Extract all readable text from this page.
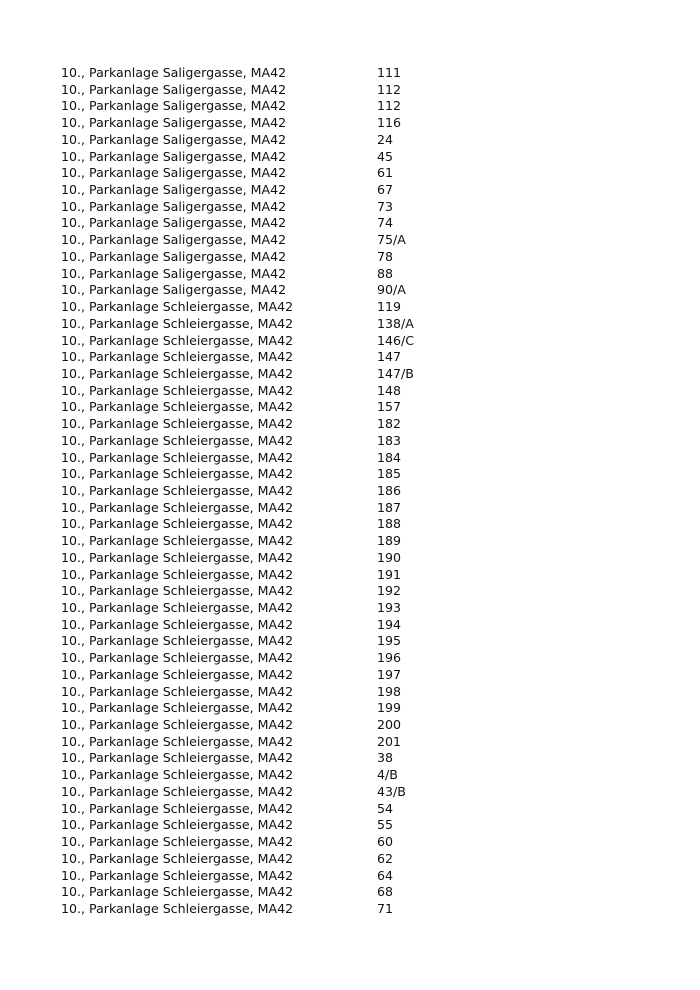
10., Parkanlage Saligergasse, MA42	111
10., Parkanlage Saligergasse, MA42	112
10., Parkanlage Saligergasse, MA42	112
10., Parkanlage Saligergasse, MA42	116
10., Parkanlage Saligergasse, MA42	24
10., Parkanlage Saligergasse, MA42	45
10., Parkanlage Saligergasse, MA42	61
10., Parkanlage Saligergasse, MA42	67
10., Parkanlage Saligergasse, MA42	73
10., Parkanlage Saligergasse, MA42	74
10., Parkanlage Saligergasse, MA42	75/A
10., Parkanlage Saligergasse, MA42	78
10., Parkanlage Saligergasse, MA42	88
10., Parkanlage Saligergasse, MA42	90/A
10., Parkanlage Schleiergasse, MA42	119
10., Parkanlage Schleiergasse, MA42	138/A
10., Parkanlage Schleiergasse, MA42	146/C
10., Parkanlage Schleiergasse, MA42	147
10., Parkanlage Schleiergasse, MA42	147/B
10., Parkanlage Schleiergasse, MA42	148
10., Parkanlage Schleiergasse, MA42	157
10., Parkanlage Schleiergasse, MA42	182
10., Parkanlage Schleiergasse, MA42	183
10., Parkanlage Schleiergasse, MA42	184
10., Parkanlage Schleiergasse, MA42	185
10., Parkanlage Schleiergasse, MA42	186
10., Parkanlage Schleiergasse, MA42	187
10., Parkanlage Schleiergasse, MA42	188
10., Parkanlage Schleiergasse, MA42	189
10., Parkanlage Schleiergasse, MA42	190
10., Parkanlage Schleiergasse, MA42	191
10., Parkanlage Schleiergasse, MA42	192
10., Parkanlage Schleiergasse, MA42	193
10., Parkanlage Schleiergasse, MA42	194
10., Parkanlage Schleiergasse, MA42	195
10., Parkanlage Schleiergasse, MA42	196
10., Parkanlage Schleiergasse, MA42	197
10., Parkanlage Schleiergasse, MA42	198
10., Parkanlage Schleiergasse, MA42	199
10., Parkanlage Schleiergasse, MA42	200
10., Parkanlage Schleiergasse, MA42	201
10., Parkanlage Schleiergasse, MA42	38
10., Parkanlage Schleiergasse, MA42	4/B
10., Parkanlage Schleiergasse, MA42	43/B
10., Parkanlage Schleiergasse, MA42	54
10., Parkanlage Schleiergasse, MA42	55
10., Parkanlage Schleiergasse, MA42	60
10., Parkanlage Schleiergasse, MA42	62
10., Parkanlage Schleiergasse, MA42	64
10., Parkanlage Schleiergasse, MA42	68
10., Parkanlage Schleiergasse, MA42	71
